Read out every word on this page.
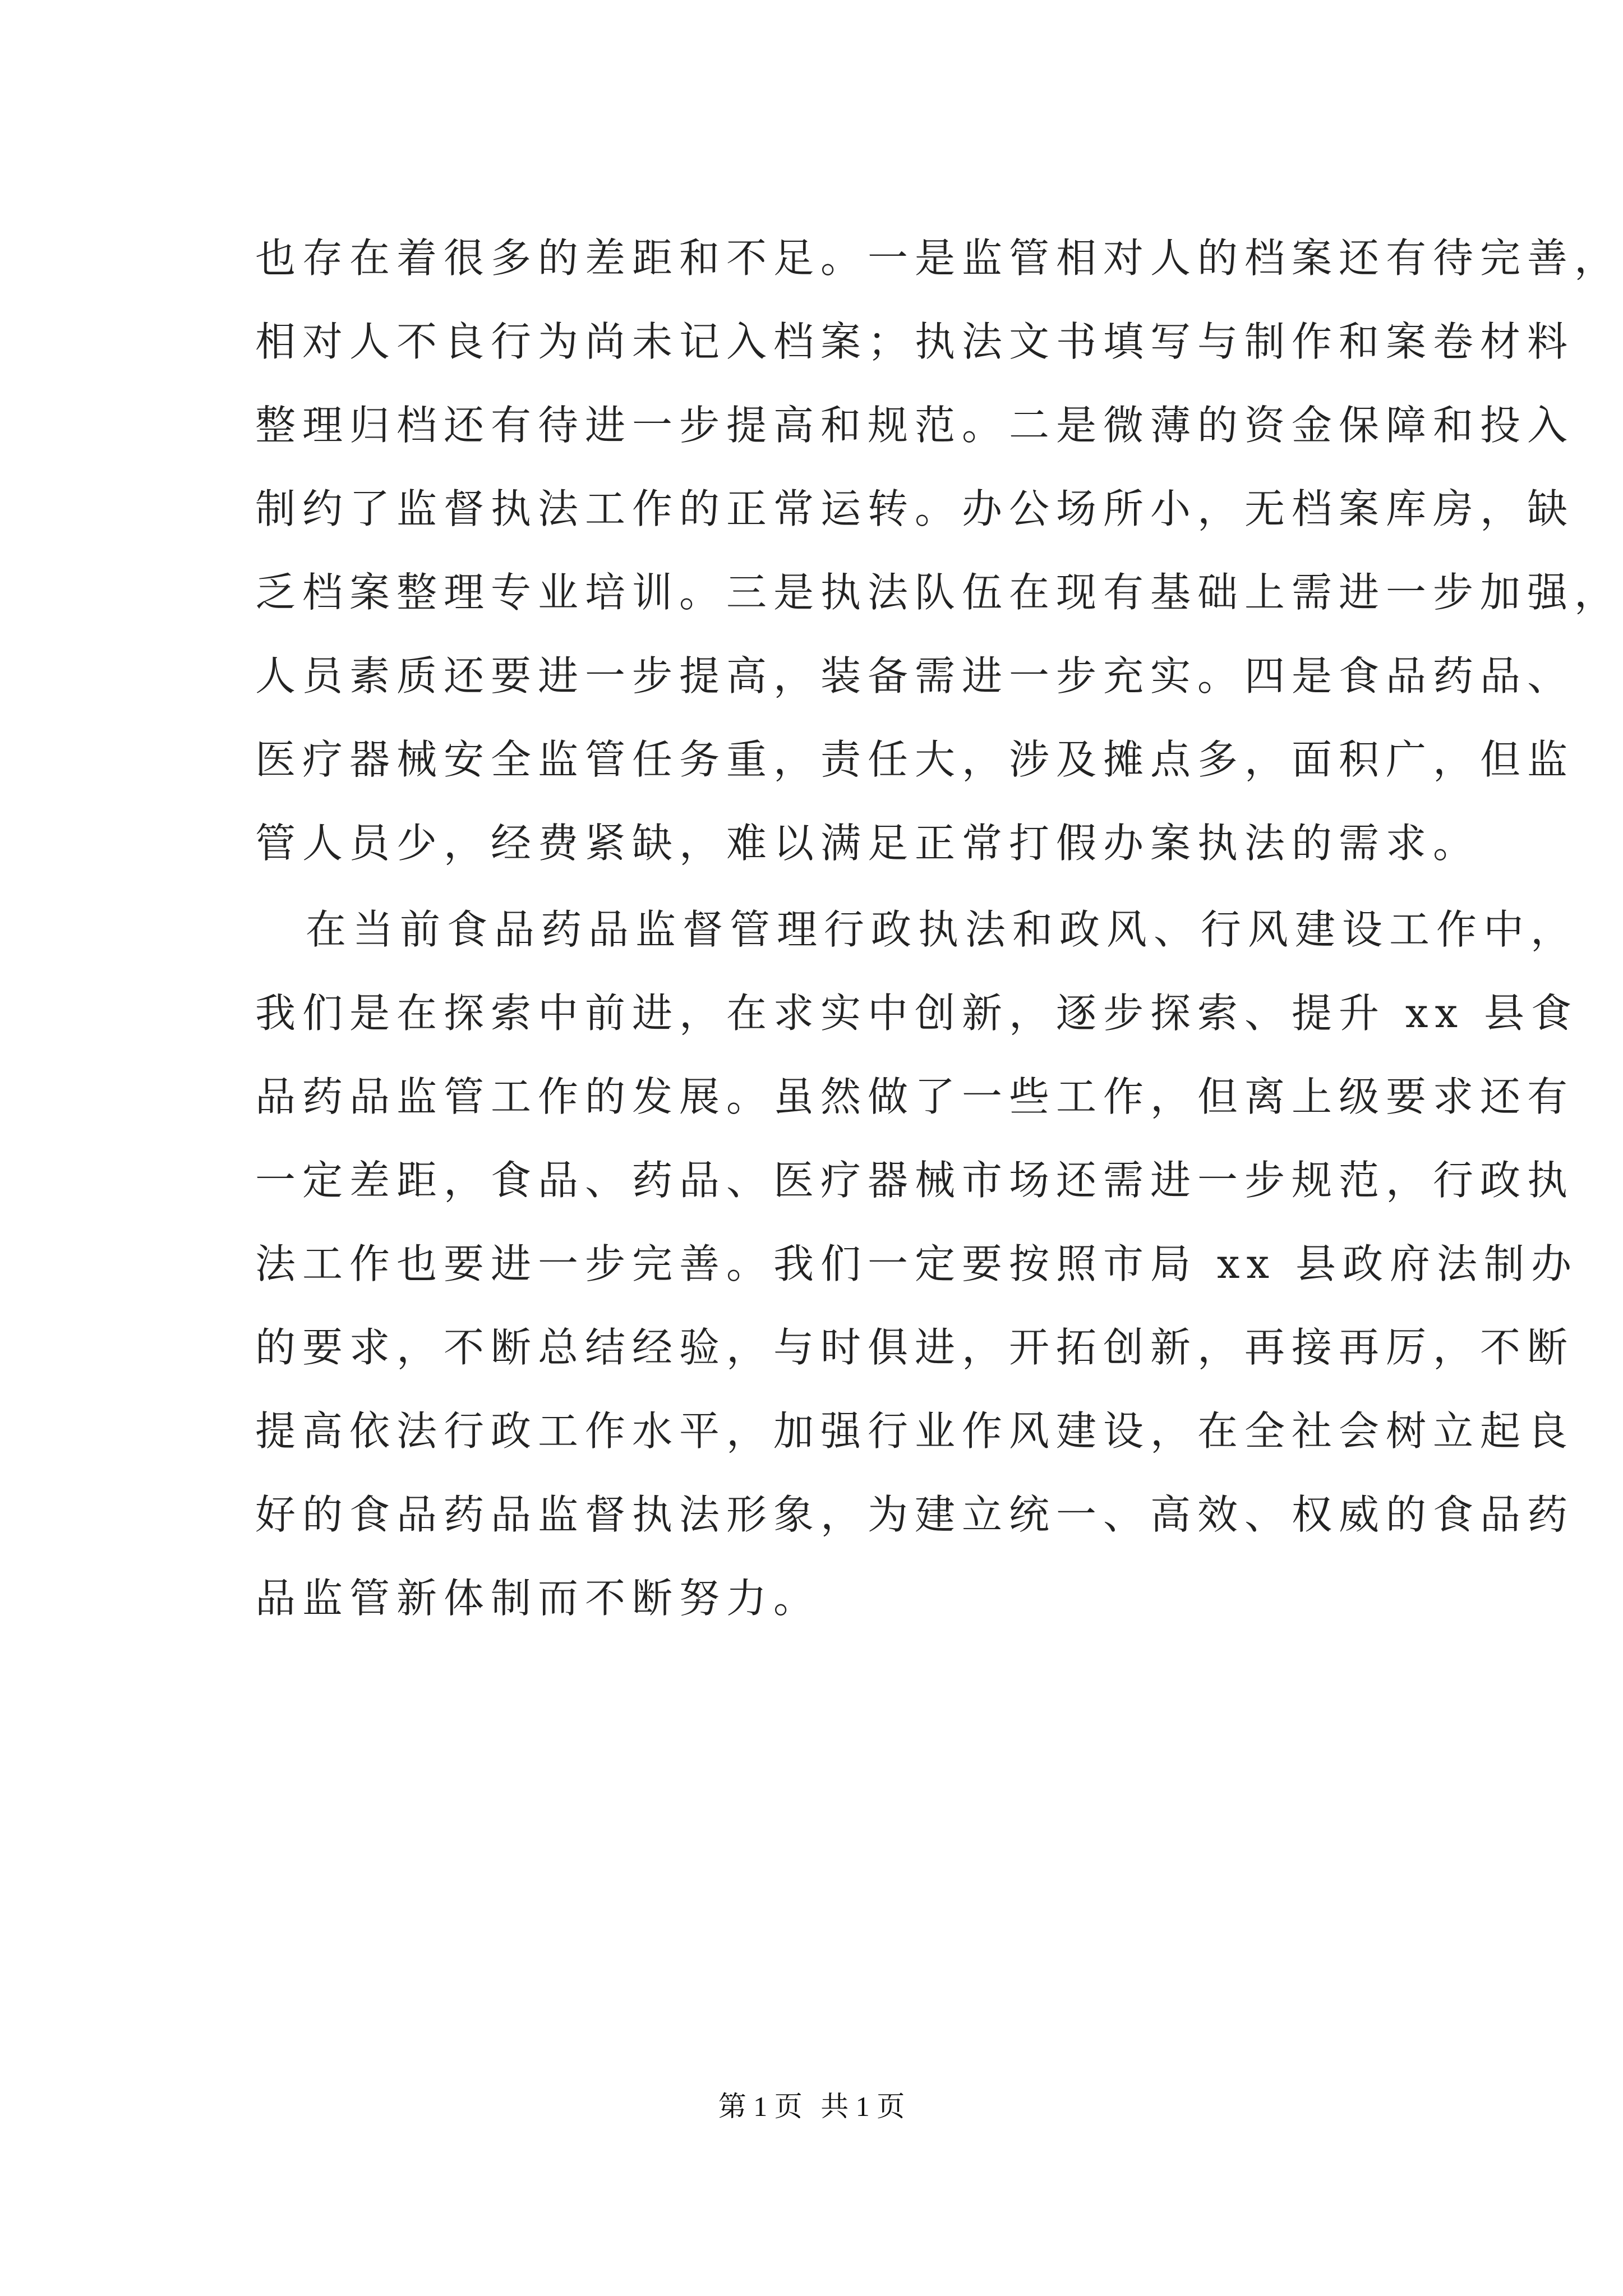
也存在着很多的差距和不足。一是监管相对人的档案还有待完善，
相对人不良行为尚未记入档案；执法文书填写与制作和案卷材料
整理归档还有待进一步提高和规范。二是微薄的资金保障和投入
制约了监督执法工作的正常运转。办公场所小，无档案库房，缺
乏档案整理专业培训。三是执法队伍在现有基础上需进一步加强，
人员素质还要进一步提高，装备需进一步充实。四是食品药品、
医疗器械安全监管任务重，责任大，涉及摊点多，面积广，但监
管人员少，经费紧缺，难以满足正常打假办案执法的需求。
在当前食品药品监督管理行政执法和政风、行风建设工作中，
我们是在探索中前进，在求实中创新，逐步探索、提升 xx 县食
品药品监管工作的发展。虽然做了一些工作，但离上级要求还有
一定差距，食品、药品、医疗器械市场还需进一步规范，行政执
法工作也要进一步完善。我们一定要按照市局 xx 县政府法制办
的要求，不断总结经验，与时俱进，开拓创新，再接再厉，不断
提高依法行政工作水平，加强行业作风建设，在全社会树立起良
好的食品药品监督执法形象，为建立统一、高效、权威的食品药
品监管新体制而不断努力。
第 1 页 共 1 页
